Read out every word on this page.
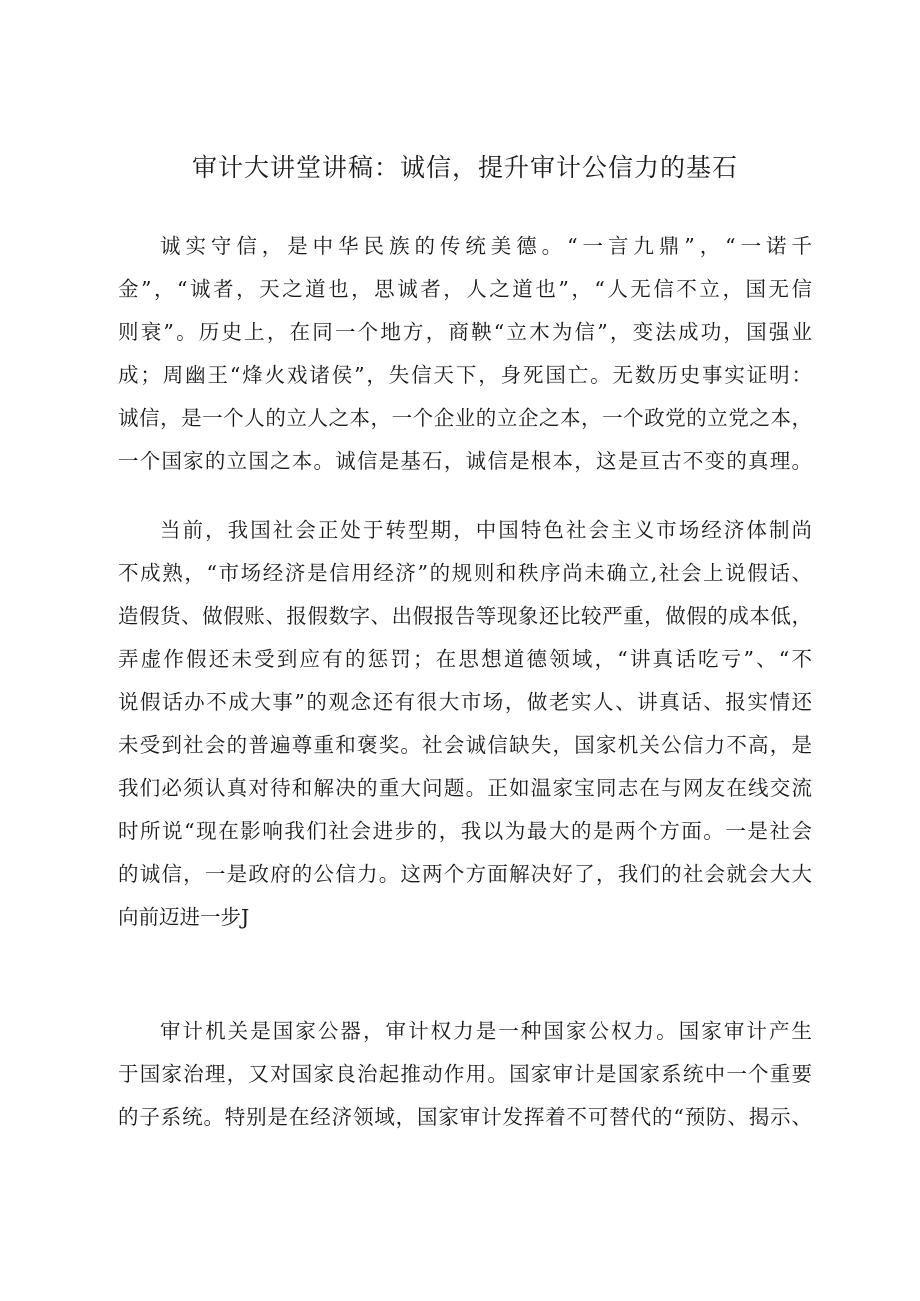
审计大讲堂讲稿：诚信，提升审计公信力的基石
诚实守信，是中华民族的传统美德。“一言九鼎”，“一诺千
金”，“诚者，天之道也，思诚者，人之道也”，“人无信不立，国无信
则衰”。历史上，在同一个地方，商鞅“立木为信”，变法成功，国强业
成；周幽王“烽火戏诸侯”，失信天下，身死国亡。无数历史事实证明：
诚信，是一个人的立人之本，一个企业的立企之本，一个政党的立党之本，
一个国家的立国之本。诚信是基石，诚信是根本，这是亘古不变的真理。
当前，我国社会正处于转型期，中国特色社会主义市场经济体制尚
不成熟，“市场经济是信用经济”的规则和秩序尚未确立,社会上说假话、
造假货、做假账、报假数字、出假报告等现象还比较严重，做假的成本低，
弄虚作假还未受到应有的惩罚；在思想道德领域，“讲真话吃亏”、“不
说假话办不成大事”的观念还有很大市场，做老实人、讲真话、报实情还
未受到社会的普遍尊重和褒奖。社会诚信缺失，国家机关公信力不高，是
我们必须认真对待和解决的重大问题。正如温家宝同志在与网友在线交流
时所说“现在影响我们社会进步的，我以为最大的是两个方面。一是社会
的诚信，一是政府的公信力。这两个方面解决好了，我们的社会就会大大
向前迈进一步J
审计机关是国家公器，审计权力是一种国家公权力。国家审计产生
于国家治理，又对国家良治起推动作用。国家审计是国家系统中一个重要
的子系统。特别是在经济领域，国家审计发挥着不可替代的“预防、揭示、
